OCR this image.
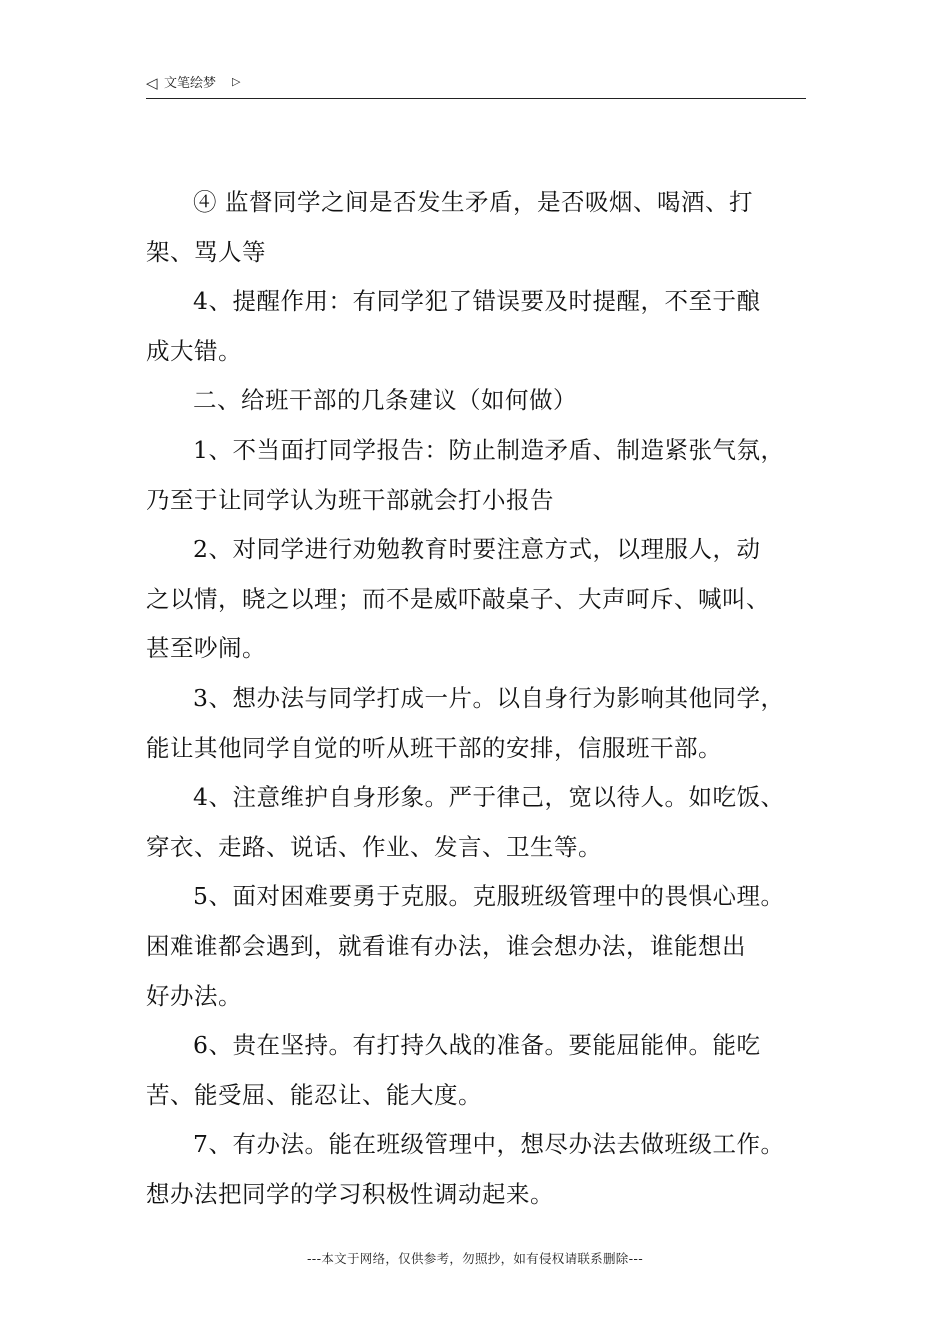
◁ 文笔绘梦 ▷

④ 监督同学之间是否发生矛盾，是否吸烟、喝酒、打
架、骂人等

4、提醒作用：有同学犯了错误要及时提醒，不至于酿
成大错。

二、给班干部的几条建议（如何做）

1、不当面打同学报告：防止制造矛盾、制造紧张气氛，
乃至于让同学认为班干部就会打小报告

2、对同学进行劝勉教育时要注意方式，以理服人，动
之以情，晓之以理；而不是威吓敲桌子、大声呵斥、喊叫、
甚至吵闹。

3、想办法与同学打成一片。以自身行为影响其他同学，
能让其他同学自觉的听从班干部的安排，信服班干部。

4、注意维护自身形象。严于律己，宽以待人。如吃饭、
穿衣、走路、说话、作业、发言、卫生等。

5、面对困难要勇于克服。克服班级管理中的畏惧心理。
困难谁都会遇到，就看谁有办法，谁会想办法，谁能想出
好办法。

6、贵在坚持。有打持久战的准备。要能屈能伸。能吃
苦、能受屈、能忍让、能大度。

7、有办法。能在班级管理中，想尽办法去做班级工作。
想办法把同学的学习积极性调动起来。

---本文于网络，仅供参考，勿照抄，如有侵权请联系删除---
